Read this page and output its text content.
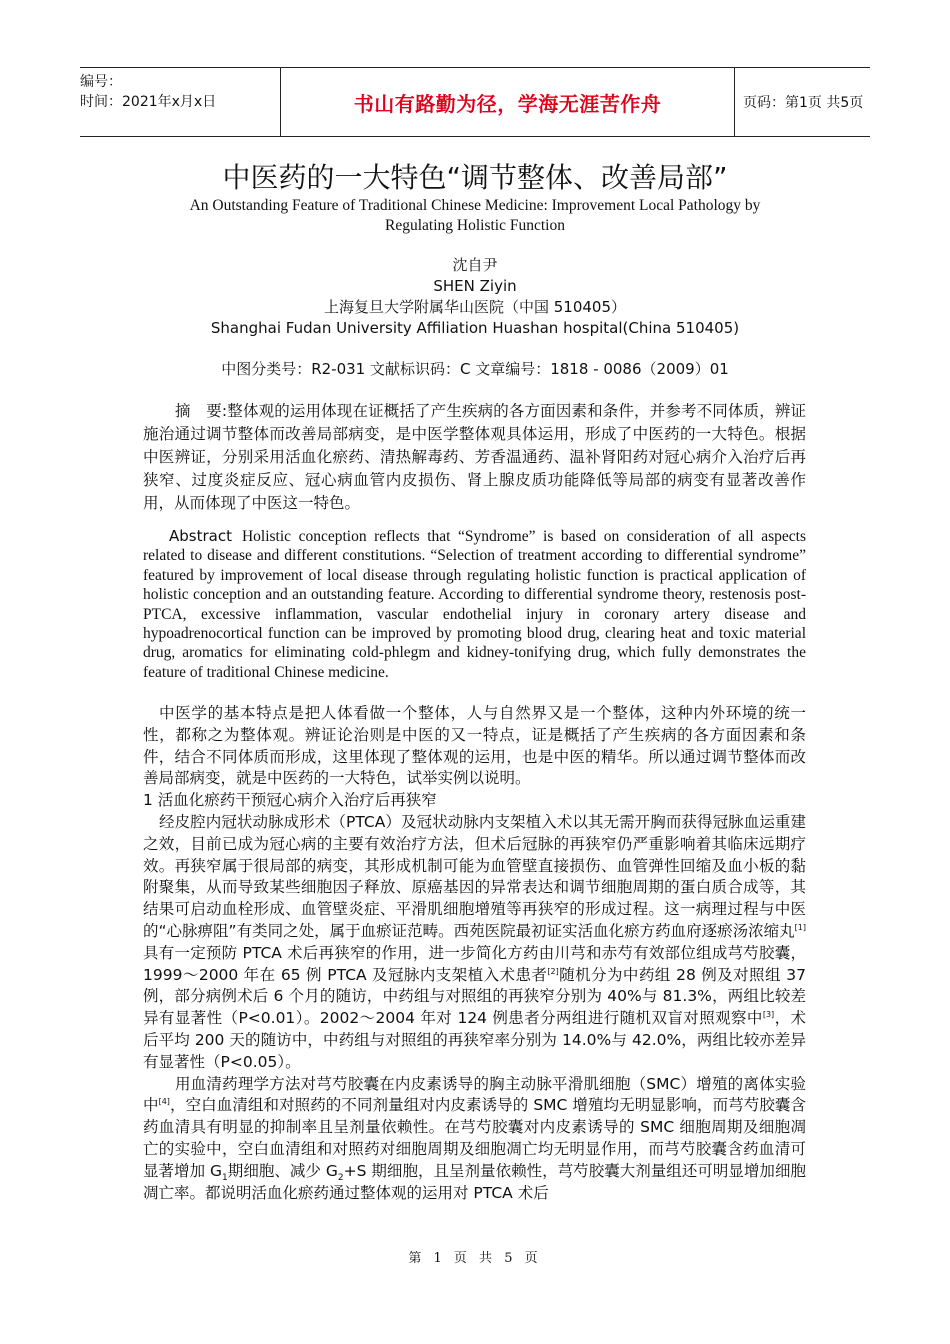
编号：
时间：2021年x月x日	书山有路勤为径，学海无涯苦作舟	页码：第1页 共5页
中医药的一大特色“调节整体、改善局部”
An Outstanding Feature of Traditional Chinese Medicine: Improvement Local Pathology by Regulating Holistic Function
沈自尹
SHEN Ziyin
上海复旦大学附属华山医院（中国 510405）
Shanghai Fudan University Affiliation Huashan hospital(China 510405)
中图分类号：R2-031 文献标识码：C 文章编号：1818 - 0086（2009）01
摘　要:整体观的运用体现在证概括了产生疾病的各方面因素和条件，并参考不同体质，辨证施治通过调节整体而改善局部病变，是中医学整体观具体运用，形成了中医药的一大特色。根据中医辨证，分别采用活血化瘀药、清热解毒药、芳香温通药、温补肾阳药对冠心病介入治疗后再狭窄、过度炎症反应、冠心病血管内皮损伤、肾上腺皮质功能降低等局部的病变有显著改善作用，从而体现了中医这一特色。
Abstract Holistic conception reflects that “Syndrome” is based on consideration of all aspects related to disease and different constitutions. “Selection of treatment according to differential syndrome” featured by improvement of local disease through regulating holistic function is practical application of holistic conception and an outstanding feature. According to differential syndrome theory, restenosis post-PTCA, excessive inflammation, vascular endothelial injury in coronary artery disease and hypoadrenocortical function can be improved by promoting blood drug, clearing heat and toxic material drug, aromatics for eliminating cold-phlegm and kidney-tonifying drug, which fully demonstrates the feature of traditional Chinese medicine.

中医学的基本特点是把人体看做一个整体，人与自然界又是一个整体，这种内外环境的统一性，都称之为整体观。辨证论治则是中医的又一特点，证是概括了产生疾病的各方面因素和条件，结合不同体质而形成，这里体现了整体观的运用，也是中医的精华。所以通过调节整体而改善局部病变，就是中医药的一大特色，试举实例以说明。

1 活血化瘀药干预冠心病介入治疗后再狭窄

经皮腔内冠状动脉成形术（PTCA）及冠状动脉内支架植入术以其无需开胸而获得冠脉血运重建之效，目前已成为冠心病的主要有效治疗方法，但术后冠脉的再狭窄仍严重影响着其临床远期疗效。再狭窄属于很局部的病变，其形成机制可能为血管壁直接损伤、血管弹性回缩及血小板的黏附聚集，从而导致某些细胞因子释放、原癌基因的异常表达和调节细胞周期的蛋白质合成等，其结果可启动血栓形成、血管壁炎症、平滑肌细胞增殖等再狭窄的形成过程。这一病理过程与中医的“心脉痹阻”有类同之处，属于血瘀证范畴。西苑医院最初证实活血化瘀方药血府逐瘀汤浓缩丸[1]具有一定预防 PTCA 术后再狭窄的作用，进一步简化方药由川芎和赤芍有效部位组成芎芍胶囊，1999～2000 年在 65 例 PTCA 及冠脉内支架植入术患者[2]随机分为中药组 28 例及对照组 37 例，部分病例术后 6 个月的随访，中药组与对照组的再狭窄分别为 40%与 81.3%，两组比较差异有显著性（P<0.01）。2002～2004 年对 124 例患者分两组进行随机双盲对照观察中[3]，术后平均 200 天的随访中，中药组与对照组的再狭窄率分别为 14.0%与 42.0%，两组比较亦差异有显著性（P<0.05）。

用血清药理学方法对芎芍胶囊在内皮素诱导的胸主动脉平滑肌细胞（SMC）增殖的离体实验中[4]，空白血清组和对照药的不同剂量组对内皮素诱导的 SMC 增殖均无明显影响，而芎芍胶囊含药血清具有明显的抑制率且呈剂量依赖性。在芎芍胶囊对内皮素诱导的 SMC 细胞周期及细胞凋亡的实验中，空白血清组和对照药对细胞周期及细胞凋亡均无明显作用，而芎芍胶囊含药血清可显著增加 $G_1$期细胞、减少 $G_2+S$ 期细胞，且呈剂量依赖性，芎芍胶囊大剂量组还可明显增加细胞凋亡率。都说明活血化瘀药通过整体观的运用对 PTCA 术后

第 1 页 共 5 页
